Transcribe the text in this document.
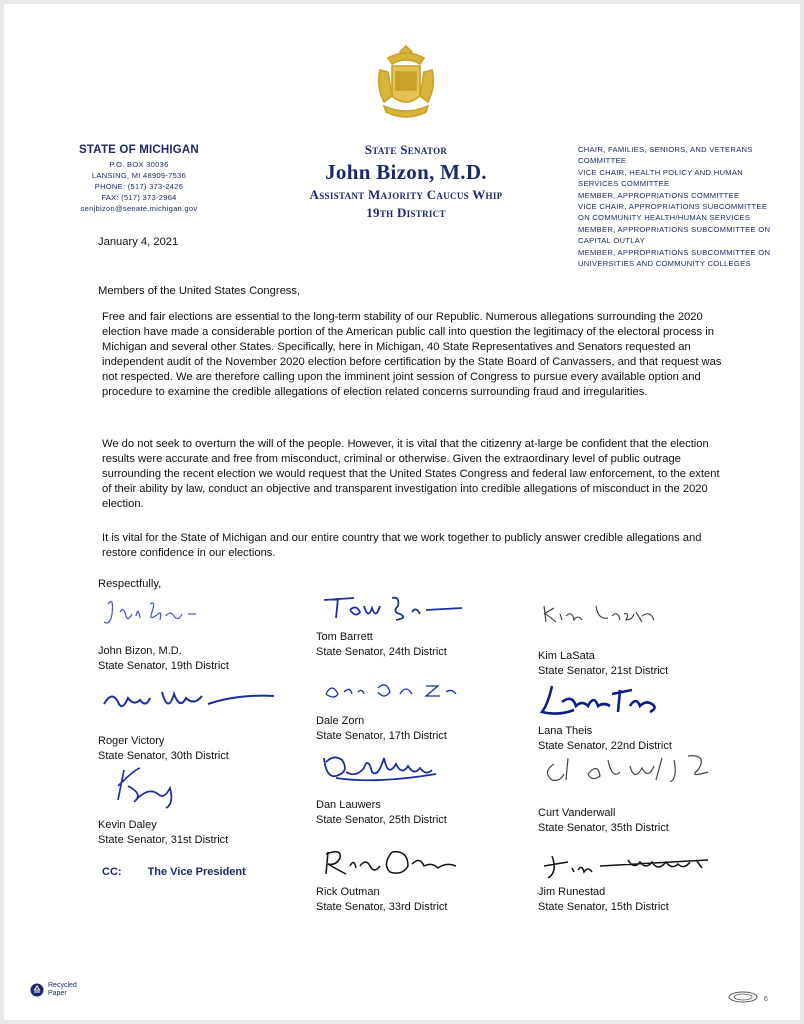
STATE OF MICHIGAN
P.O. BOX 30036
LANSING, MI 48909-7536
PHONE: (517) 373-2426
FAX: (517) 373-2964
senjbizon@senate.michigan.gov
State Senator
John Bizon, M.D.
Assistant Majority Caucus Whip
19th District
CHAIR, FAMILIES, SENIORS, AND VETERANS COMMITTEE
VICE CHAIR, HEALTH POLICY AND HUMAN SERVICES COMMITTEE
MEMBER, APPROPRIATIONS COMMITTEE
VICE CHAIR, APPROPRIATIONS SUBCOMMITTEE ON COMMUNITY HEALTH/HUMAN SERVICES
MEMBER, APPROPRIATIONS SUBCOMMITTEE ON CAPITAL OUTLAY
MEMBER, APPROPRIATIONS SUBCOMMITTEE ON UNIVERSITIES AND COMMUNITY COLLEGES
January 4, 2021
Members of the United States Congress,

Free and fair elections are essential to the long-term stability of our Republic. Numerous allegations surrounding the 2020 election have made a considerable portion of the American public call into question the legitimacy of the electoral process in Michigan and several other States. Specifically, here in Michigan, 40 State Representatives and Senators requested an independent audit of the November 2020 election before certification by the State Board of Canvassers, and that request was not respected. We are therefore calling upon the imminent joint session of Congress to pursue every available option and procedure to examine the credible allegations of election related concerns surrounding fraud and irregularities.

We do not seek to overturn the will of the people. However, it is vital that the citizenry at-large be confident that the election results were accurate and free from misconduct, criminal or otherwise. Given the extraordinary level of public outrage surrounding the recent election we would request that the United States Congress and federal law enforcement, to the extent of their ability by law, conduct an objective and transparent investigation into credible allegations of misconduct in the 2020 election.

It is vital for the State of Michigan and our entire country that we work together to publicly answer credible allegations and restore confidence in our elections.

Respectfully,
John Bizon, M.D.
State Senator, 19th District
Roger Victory
State Senator, 30th District
Kevin Daley
State Senator, 31st District
Tom Barrett
State Senator, 24th District
Dale Zorn
State Senator, 17th District
Dan Lauwers
State Senator, 25th District
Rick Outman
State Senator, 33rd District
Kim LaSata
State Senator, 21st District
Lana Theis
State Senator, 22nd District
Curt Vanderwall
State Senator, 35th District
Jim Runestad
State Senator, 15th District
CC: The Vice President
Recycled
Paper
6
